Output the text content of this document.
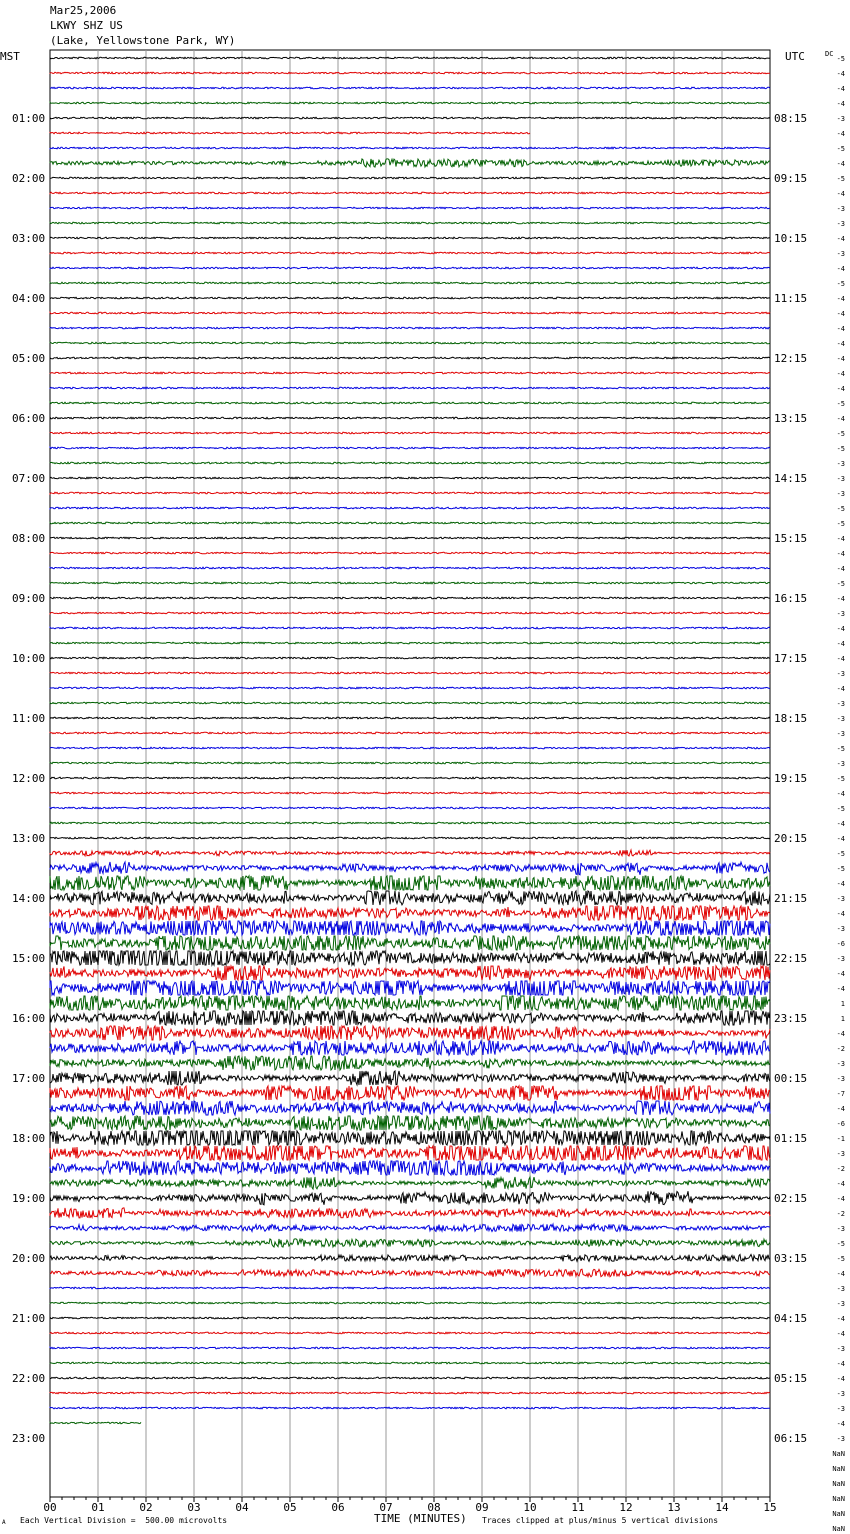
Mar25,2006
LKWY SHZ US
(Lake, Yellowstone Park, WY)
MST	UTC	DC
01:00
02:00
03:00
04:00
05:00
06:00
07:00
08:00
09:00
10:00
11:00
12:00
13:00
14:00
15:00
16:00
17:00
18:00
19:00
20:00
21:00
22:00
23:00
08:15
09:15
10:15
11:15
12:15
13:15
14:15
15:15
16:15
17:15
18:15
19:15
20:15
21:15
22:15
23:15
00:15
01:15
02:15
03:15
04:15
05:15
06:15
-5
-4
-4
-4
-3
-4
-5
-4
-5
-4
-3
-3
-4
-3
-4
-5
-4
-4
-4
-4
-4
-4
-4
-5
-4
-5
-5
-3
-3
-3
-5
-5
-4
-4
-4
-5
-4
-3
-4
-4
-4
-3
-4
-3
-3
-3
-5
-3
-5
-4
-5
-4
-4
-5
-5
-4
-3
-4
-3
-6
-3
-4
-4
1
1
-4
-2
-3
-3
-7
-4
-6
-1
-3
-2
-4
-4
-2
-3
-5
-5
-4
-3
-3
-4
-4
-3
-4
-4
-3
-3
-4
-3
NaN
NaN
NaN
NaN
NaN
NaN
00	01	02	03	04	05	06	07	08	09	10	11	12	13	14	15
A Each Vertical Division =  500.00 microvolts	TIME (MINUTES) Traces clipped at plus/minus 5 vertical divisions
